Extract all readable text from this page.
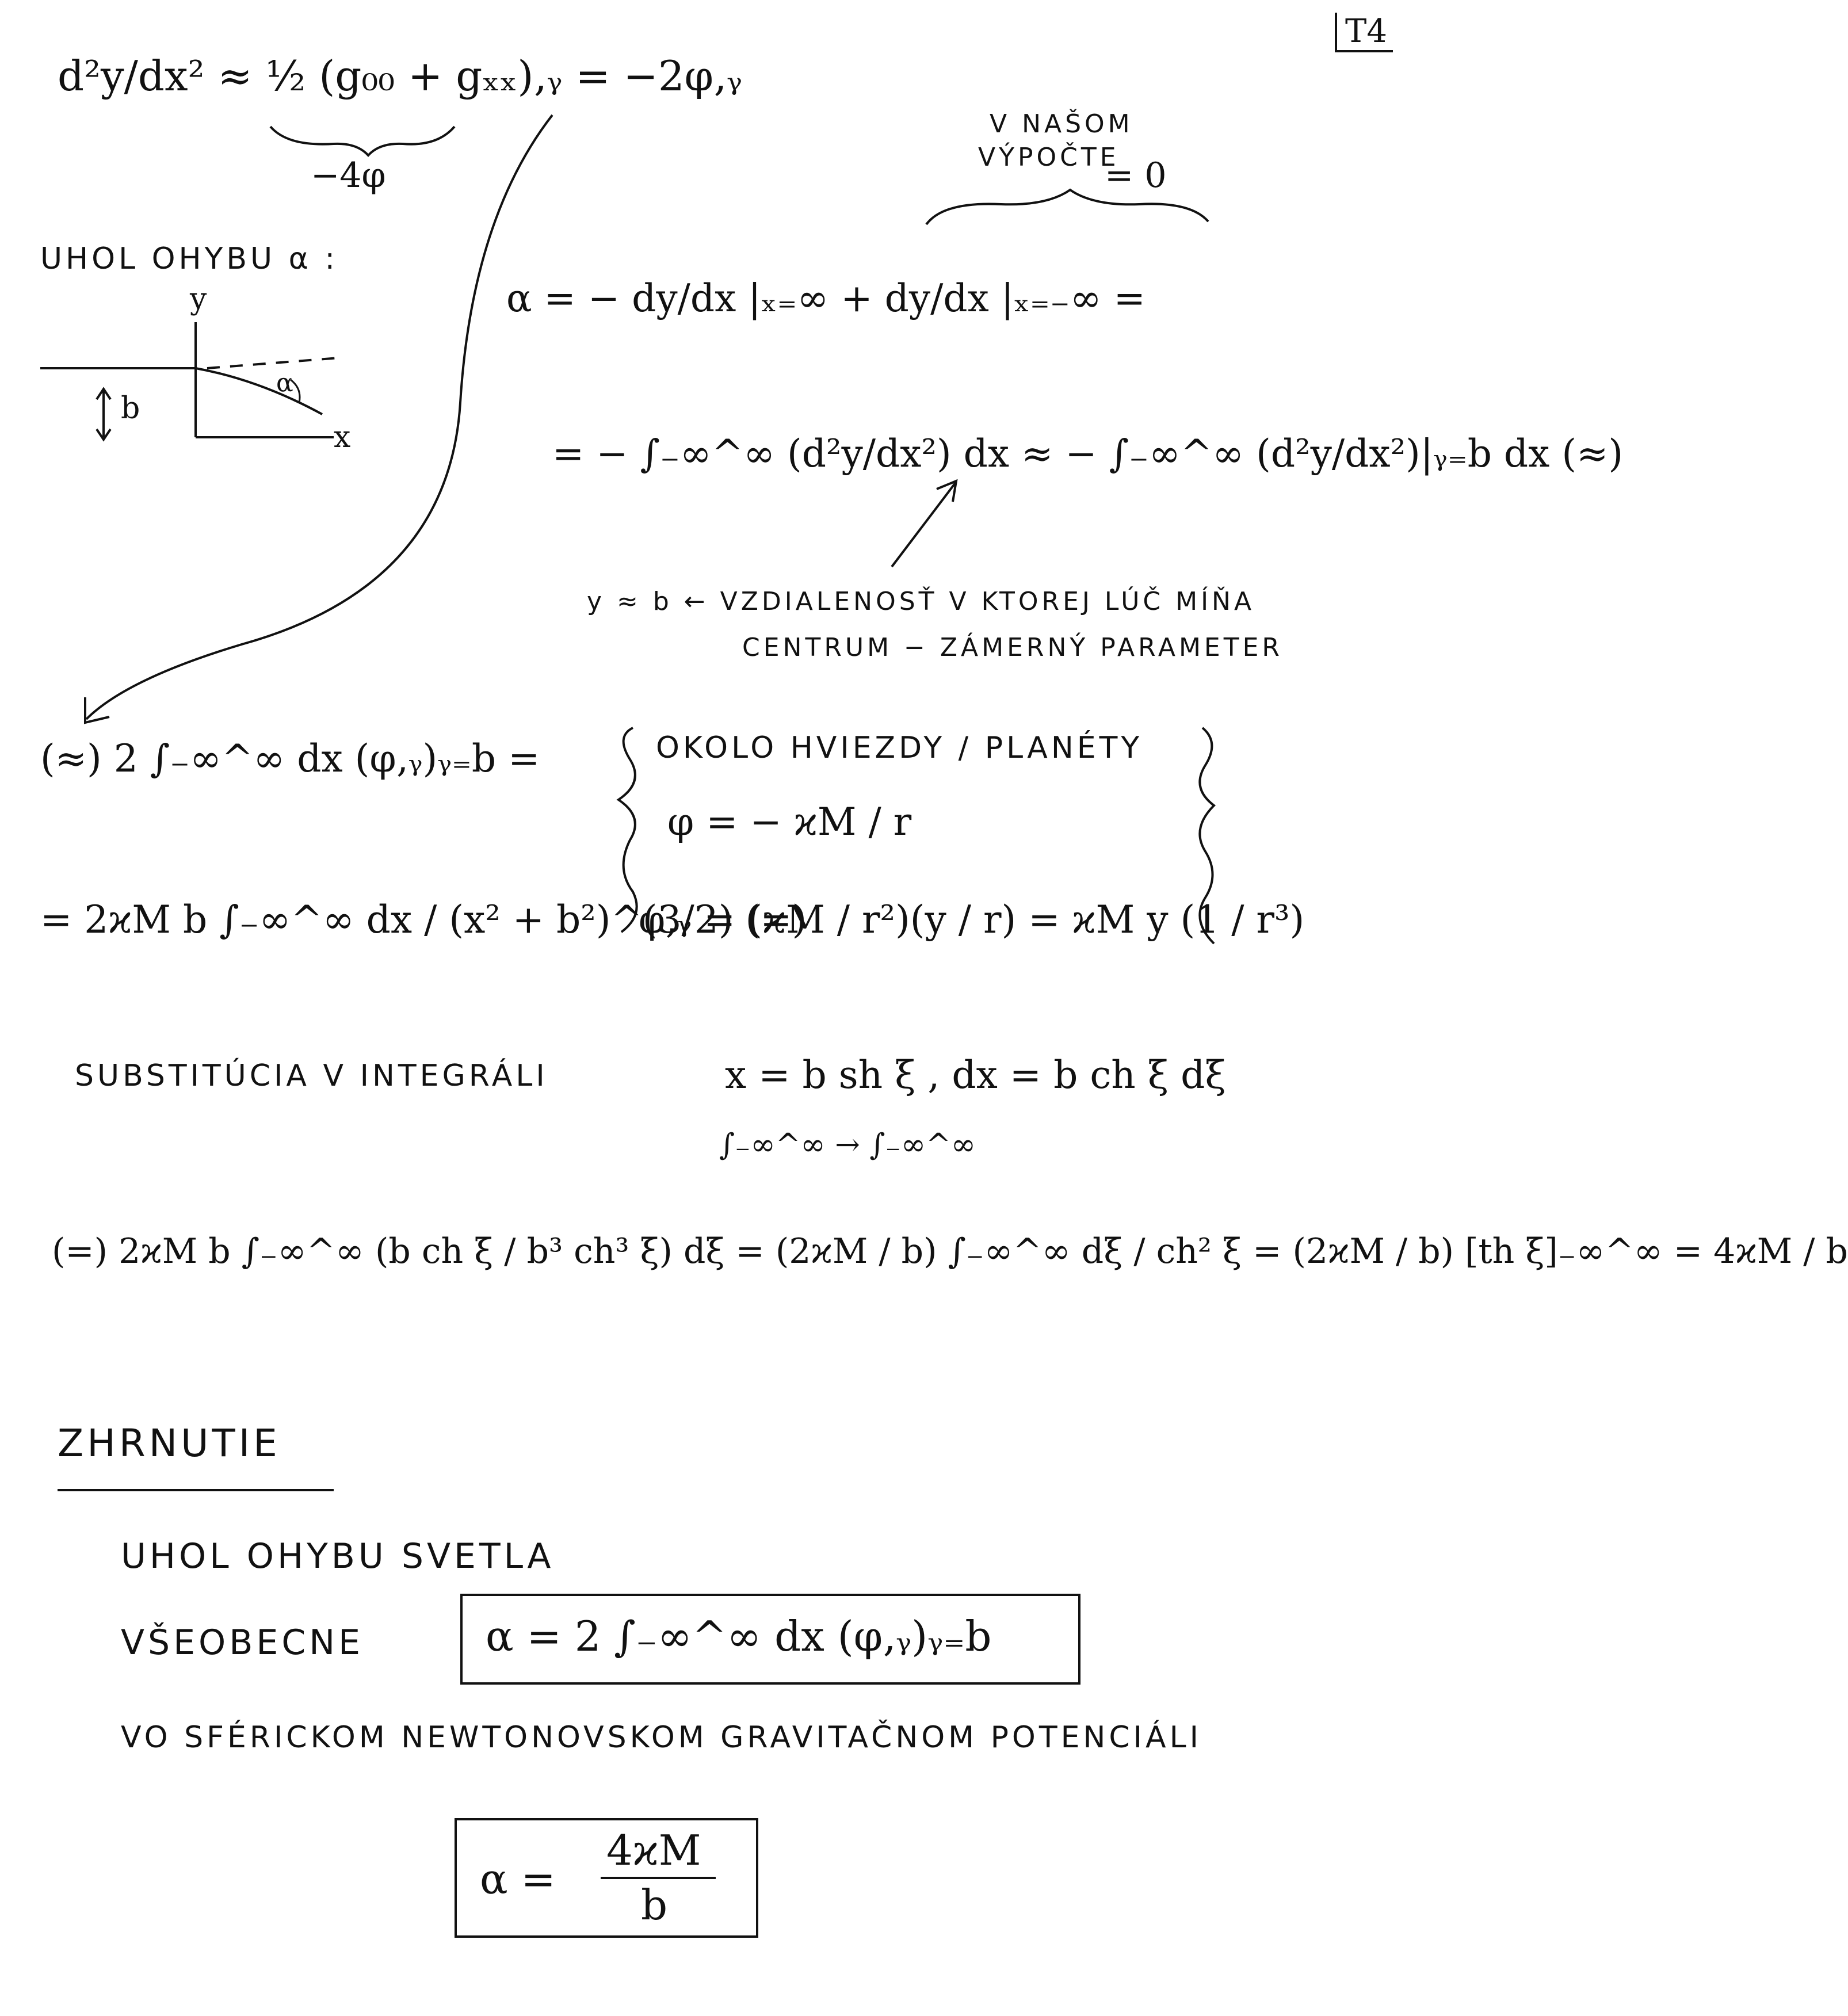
T4
d²y/dx² ≈ ½ (g₀₀ + gₓₓ)‚ᵧ = −2φ‚ᵧ
−4φ
V NAŠOM
VÝPOČTE
= 0
UHOL OHYBU α :
y
x
b
α
α = − dy/dx |ₓ₌∞ + dy/dx |ₓ₌₋∞ =
= − ∫₋∞^∞ (d²y/dx²) dx ≈ − ∫₋∞^∞ (d²y/dx²)|ᵧ₌b dx (≈)
y ≈ b ← VZDIALENOSŤ V KTOREJ LÚČ MÍŇA
CENTRUM − ZÁMERNÝ PARAMETER
(≈) 2 ∫₋∞^∞ dx (φ‚ᵧ)ᵧ₌b =
= 2ϰM b ∫₋∞^∞ dx / (x² + b²)^(3/2) (=)
OKOLO HVIEZDY / PLANÉTY
φ = − ϰM / r
φ‚ᵧ = (ϰM / r²)(y / r) = ϰM y (1 / r³)
SUBSTITÚCIA V INTEGRÁLI	x = b sh ξ , dx = b ch ξ dξ
∫₋∞^∞ → ∫₋∞^∞
(=) 2ϰM b ∫₋∞^∞ (b ch ξ / b³ ch³ ξ) dξ = (2ϰM / b) ∫₋∞^∞ dξ / ch² ξ = (2ϰM / b) [th ξ]₋∞^∞ = 4ϰM / b
ZHRNUTIE
UHOL OHYBU SVETLA
VŠEOBECNE	α = 2 ∫₋∞^∞ dx (φ‚ᵧ)ᵧ₌b
VO SFÉRICKOM NEWTONOVSKOM GRAVITAČNOM POTENCIÁLI
α =
4ϰM
b
